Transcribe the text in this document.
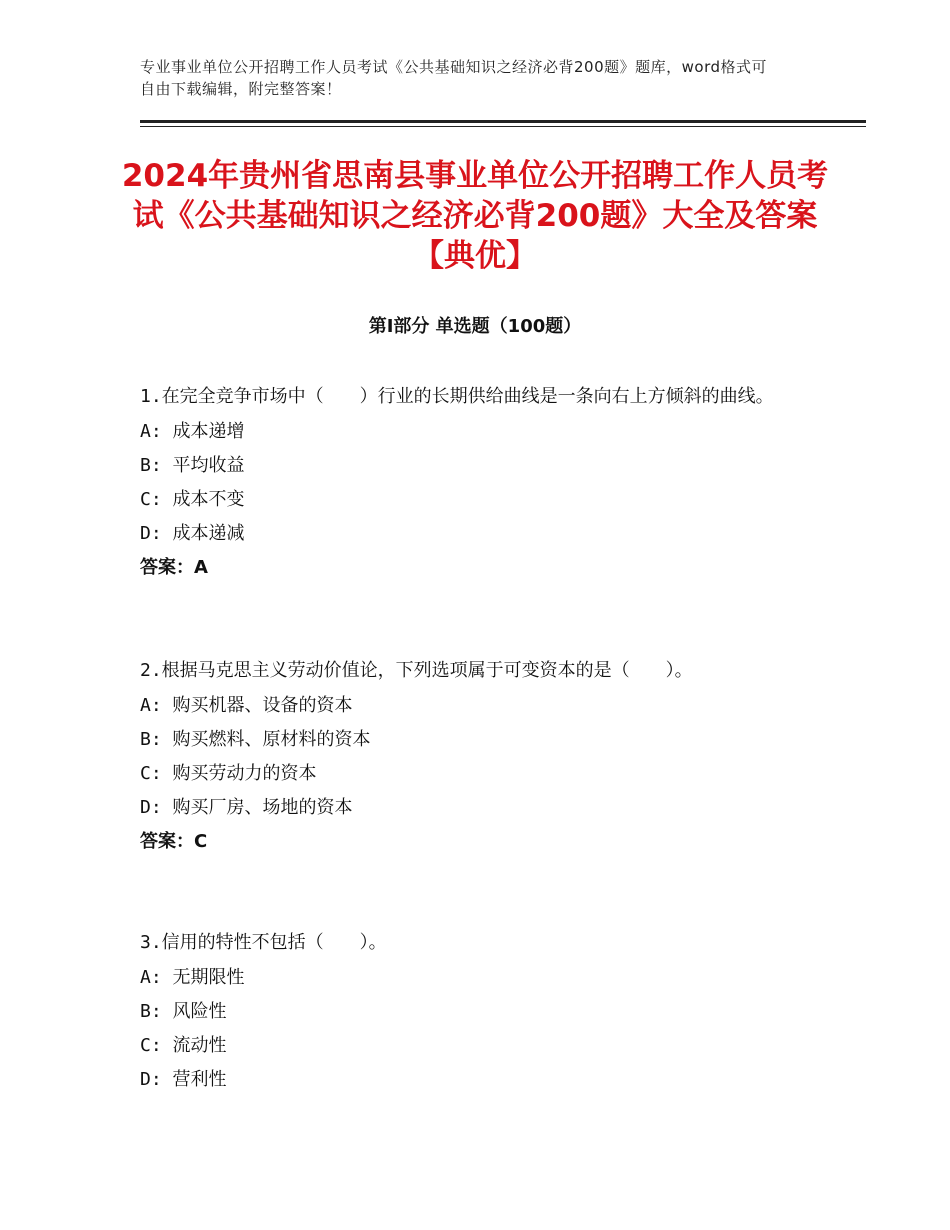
专业事业单位公开招聘工作人员考试《公共基础知识之经济必背200题》题库，word格式可自由下载编辑，附完整答案！
2024年贵州省思南县事业单位公开招聘工作人员考试《公共基础知识之经济必背200题》大全及答案【典优】
第Ⅰ部分 单选题（100题）
1.在完全竞争市场中（　　）行业的长期供给曲线是一条向右上方倾斜的曲线。
A: 成本递增
B: 平均收益
C: 成本不变
D: 成本递减
答案：A
2.根据马克思主义劳动价值论，下列选项属于可变资本的是（　　）。
A: 购买机器、设备的资本
B: 购买燃料、原材料的资本
C: 购买劳动力的资本
D: 购买厂房、场地的资本
答案：C
3.信用的特性不包括（　　）。
A: 无期限性
B: 风险性
C: 流动性
D: 营利性
